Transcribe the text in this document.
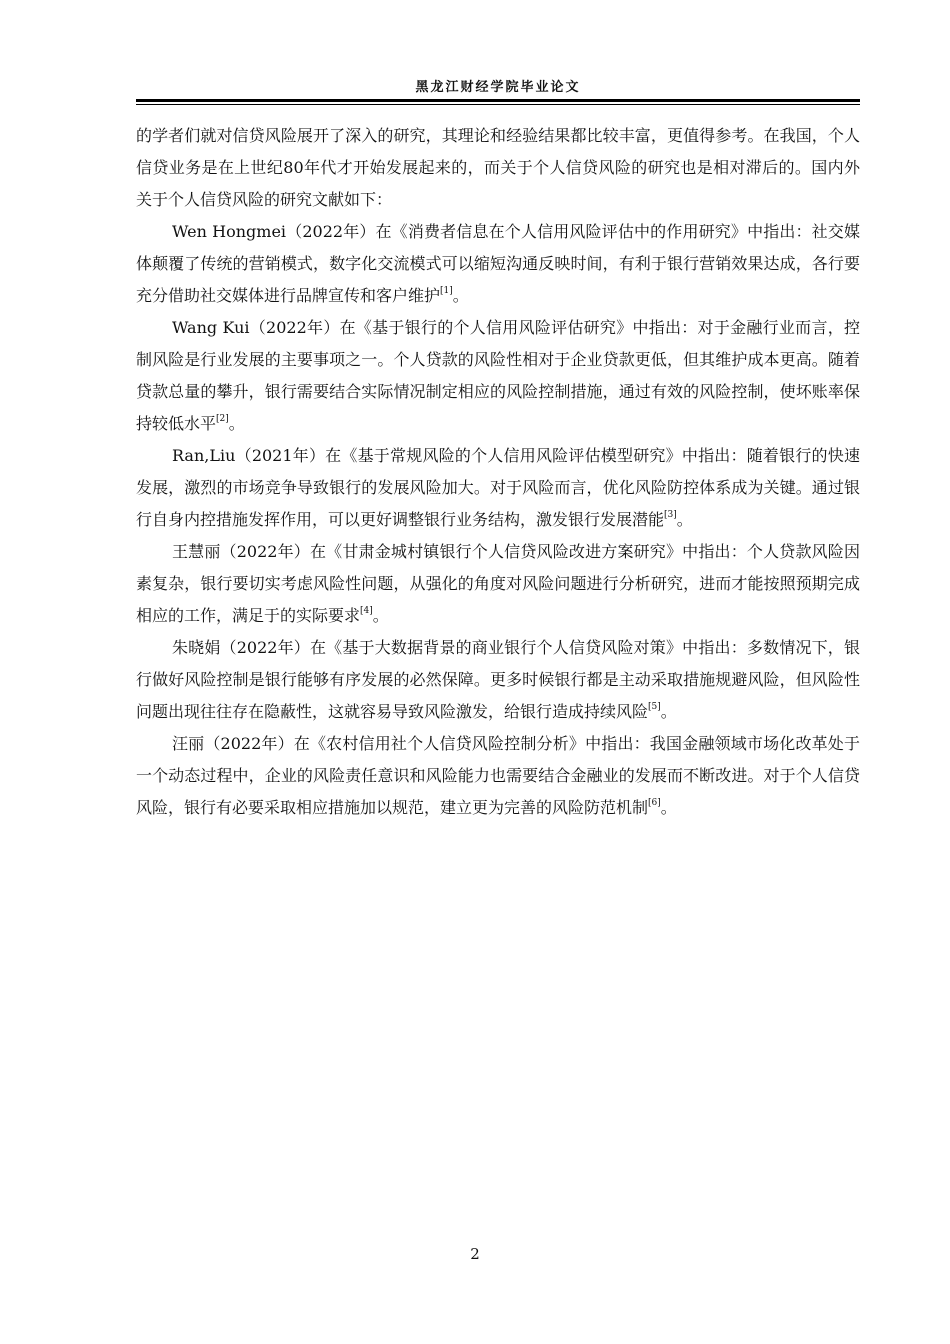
黑龙江财经学院毕业论文

的学者们就对信贷风险展开了深入的研究，其理论和经验结果都比较丰富，更值得参考。在我国，个人信贷业务是在上世纪80年代才开始发展起来的，而关于个人信贷风险的研究也是相对滞后的。国内外关于个人信贷风险的研究文献如下：

Wen Hongmei（2022年）在《消费者信息在个人信用风险评估中的作用研究》中指出：社交媒体颠覆了传统的营销模式，数字化交流模式可以缩短沟通反映时间，有利于银行营销效果达成，各行要充分借助社交媒体进行品牌宣传和客户维护[1]。

Wang Kui（2022年）在《基于银行的个人信用风险评估研究》中指出：对于金融行业而言，控制风险是行业发展的主要事项之一。个人贷款的风险性相对于企业贷款更低，但其维护成本更高。随着贷款总量的攀升，银行需要结合实际情况制定相应的风险控制措施，通过有效的风险控制，使坏账率保持较低水平[2]。

Ran,Liu（2021年）在《基于常规风险的个人信用风险评估模型研究》中指出：随着银行的快速发展，激烈的市场竞争导致银行的发展风险加大。对于风险而言，优化风险防控体系成为关键。通过银行自身内控措施发挥作用，可以更好调整银行业务结构，激发银行发展潜能[3]。

王慧丽（2022年）在《甘肃金城村镇银行个人信贷风险改进方案研究》中指出：个人贷款风险因素复杂，银行要切实考虑风险性问题，从强化的角度对风险问题进行分析研究，进而才能按照预期完成相应的工作，满足于的实际要求[4]。

朱晓娟（2022年）在《基于大数据背景的商业银行个人信贷风险对策》中指出：多数情况下，银行做好风险控制是银行能够有序发展的必然保障。更多时候银行都是主动采取措施规避风险，但风险性问题出现往往存在隐蔽性，这就容易导致风险激发，给银行造成持续风险[5]。

汪丽（2022年）在《农村信用社个人信贷风险控制分析》中指出：我国金融领域市场化改革处于一个动态过程中，企业的风险责任意识和风险能力也需要结合金融业的发展而不断改进。对于个人信贷风险，银行有必要采取相应措施加以规范，建立更为完善的风险防范机制[6]。

2
